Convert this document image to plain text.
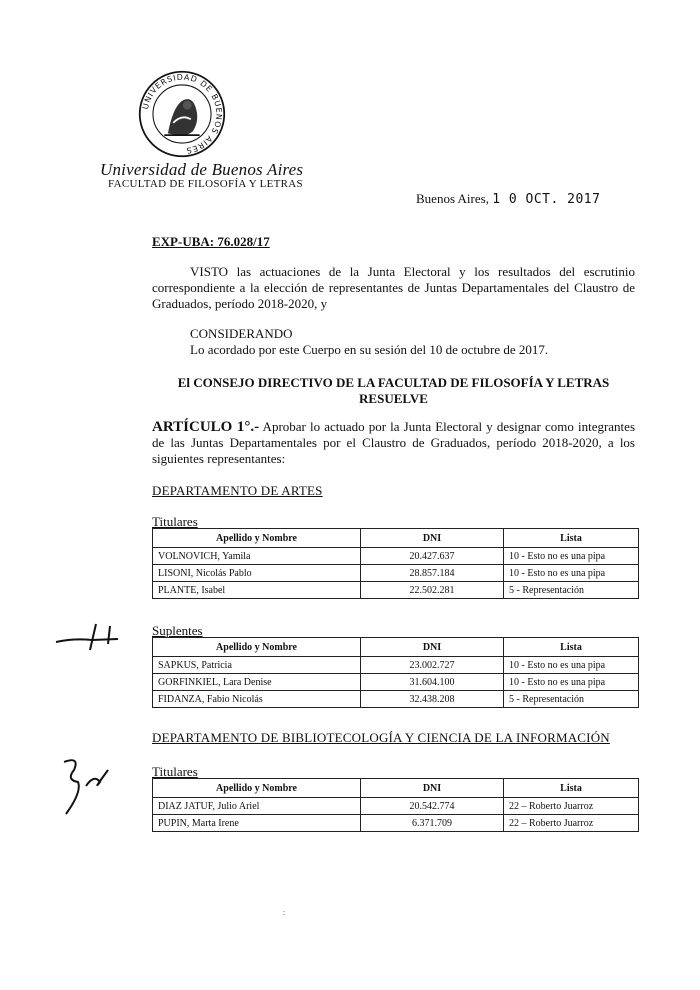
UNIVERSIDAD DE BUENOS AIRES
Universidad de Buenos Aires
FACULTAD DE FILOSOFÍA Y LETRAS
Buenos Aires, 1 0 OCT. 2017
EXP-UBA: 76.028/17
VISTO las actuaciones de la Junta Electoral y los resultados del escrutinio correspondiente a la elección de representantes de Juntas Departamentales del Claustro de Graduados, período 2018-2020, y
CONSIDERANDO
Lo acordado por este Cuerpo en su sesión del 10 de octubre de 2017.
El CONSEJO DIRECTIVO DE LA FACULTAD DE FILOSOFÍA Y LETRAS
RESUELVE
ARTÍCULO 1°.- Aprobar lo actuado por la Junta Electoral y designar como integrantes de las Juntas Departamentales por el Claustro de Graduados, período 2018-2020, a los siguientes representantes:
DEPARTAMENTO DE ARTES
Titulares
Apellido y Nombre	DNI	Lista
VOLNOVICH, Yamila	20.427.637	10 - Esto no es una pipa
LISONI, Nicolás Pablo	28.857.184	10 - Esto no es una pipa
PLANTE, Isabel	22.502.281	5 - Representación
Suplentes
Apellido y Nombre	DNI	Lista
SAPKUS, Patricia	23.002.727	10 - Esto no es una pipa
GORFINKIEL, Lara Denise	31.604.100	10 - Esto no es una pipa
FIDANZA, Fabio Nicolás	32.438.208	5 - Representación
DEPARTAMENTO DE BIBLIOTECOLOGÍA Y CIENCIA DE LA INFORMACIÓN
Titulares
Apellido y Nombre	DNI	Lista
DIAZ JATUF, Julio Ariel	20.542.774	22 – Roberto Juarroz
PUPIN, Marta Irene	6.371.709	22 – Roberto Juarroz
:
